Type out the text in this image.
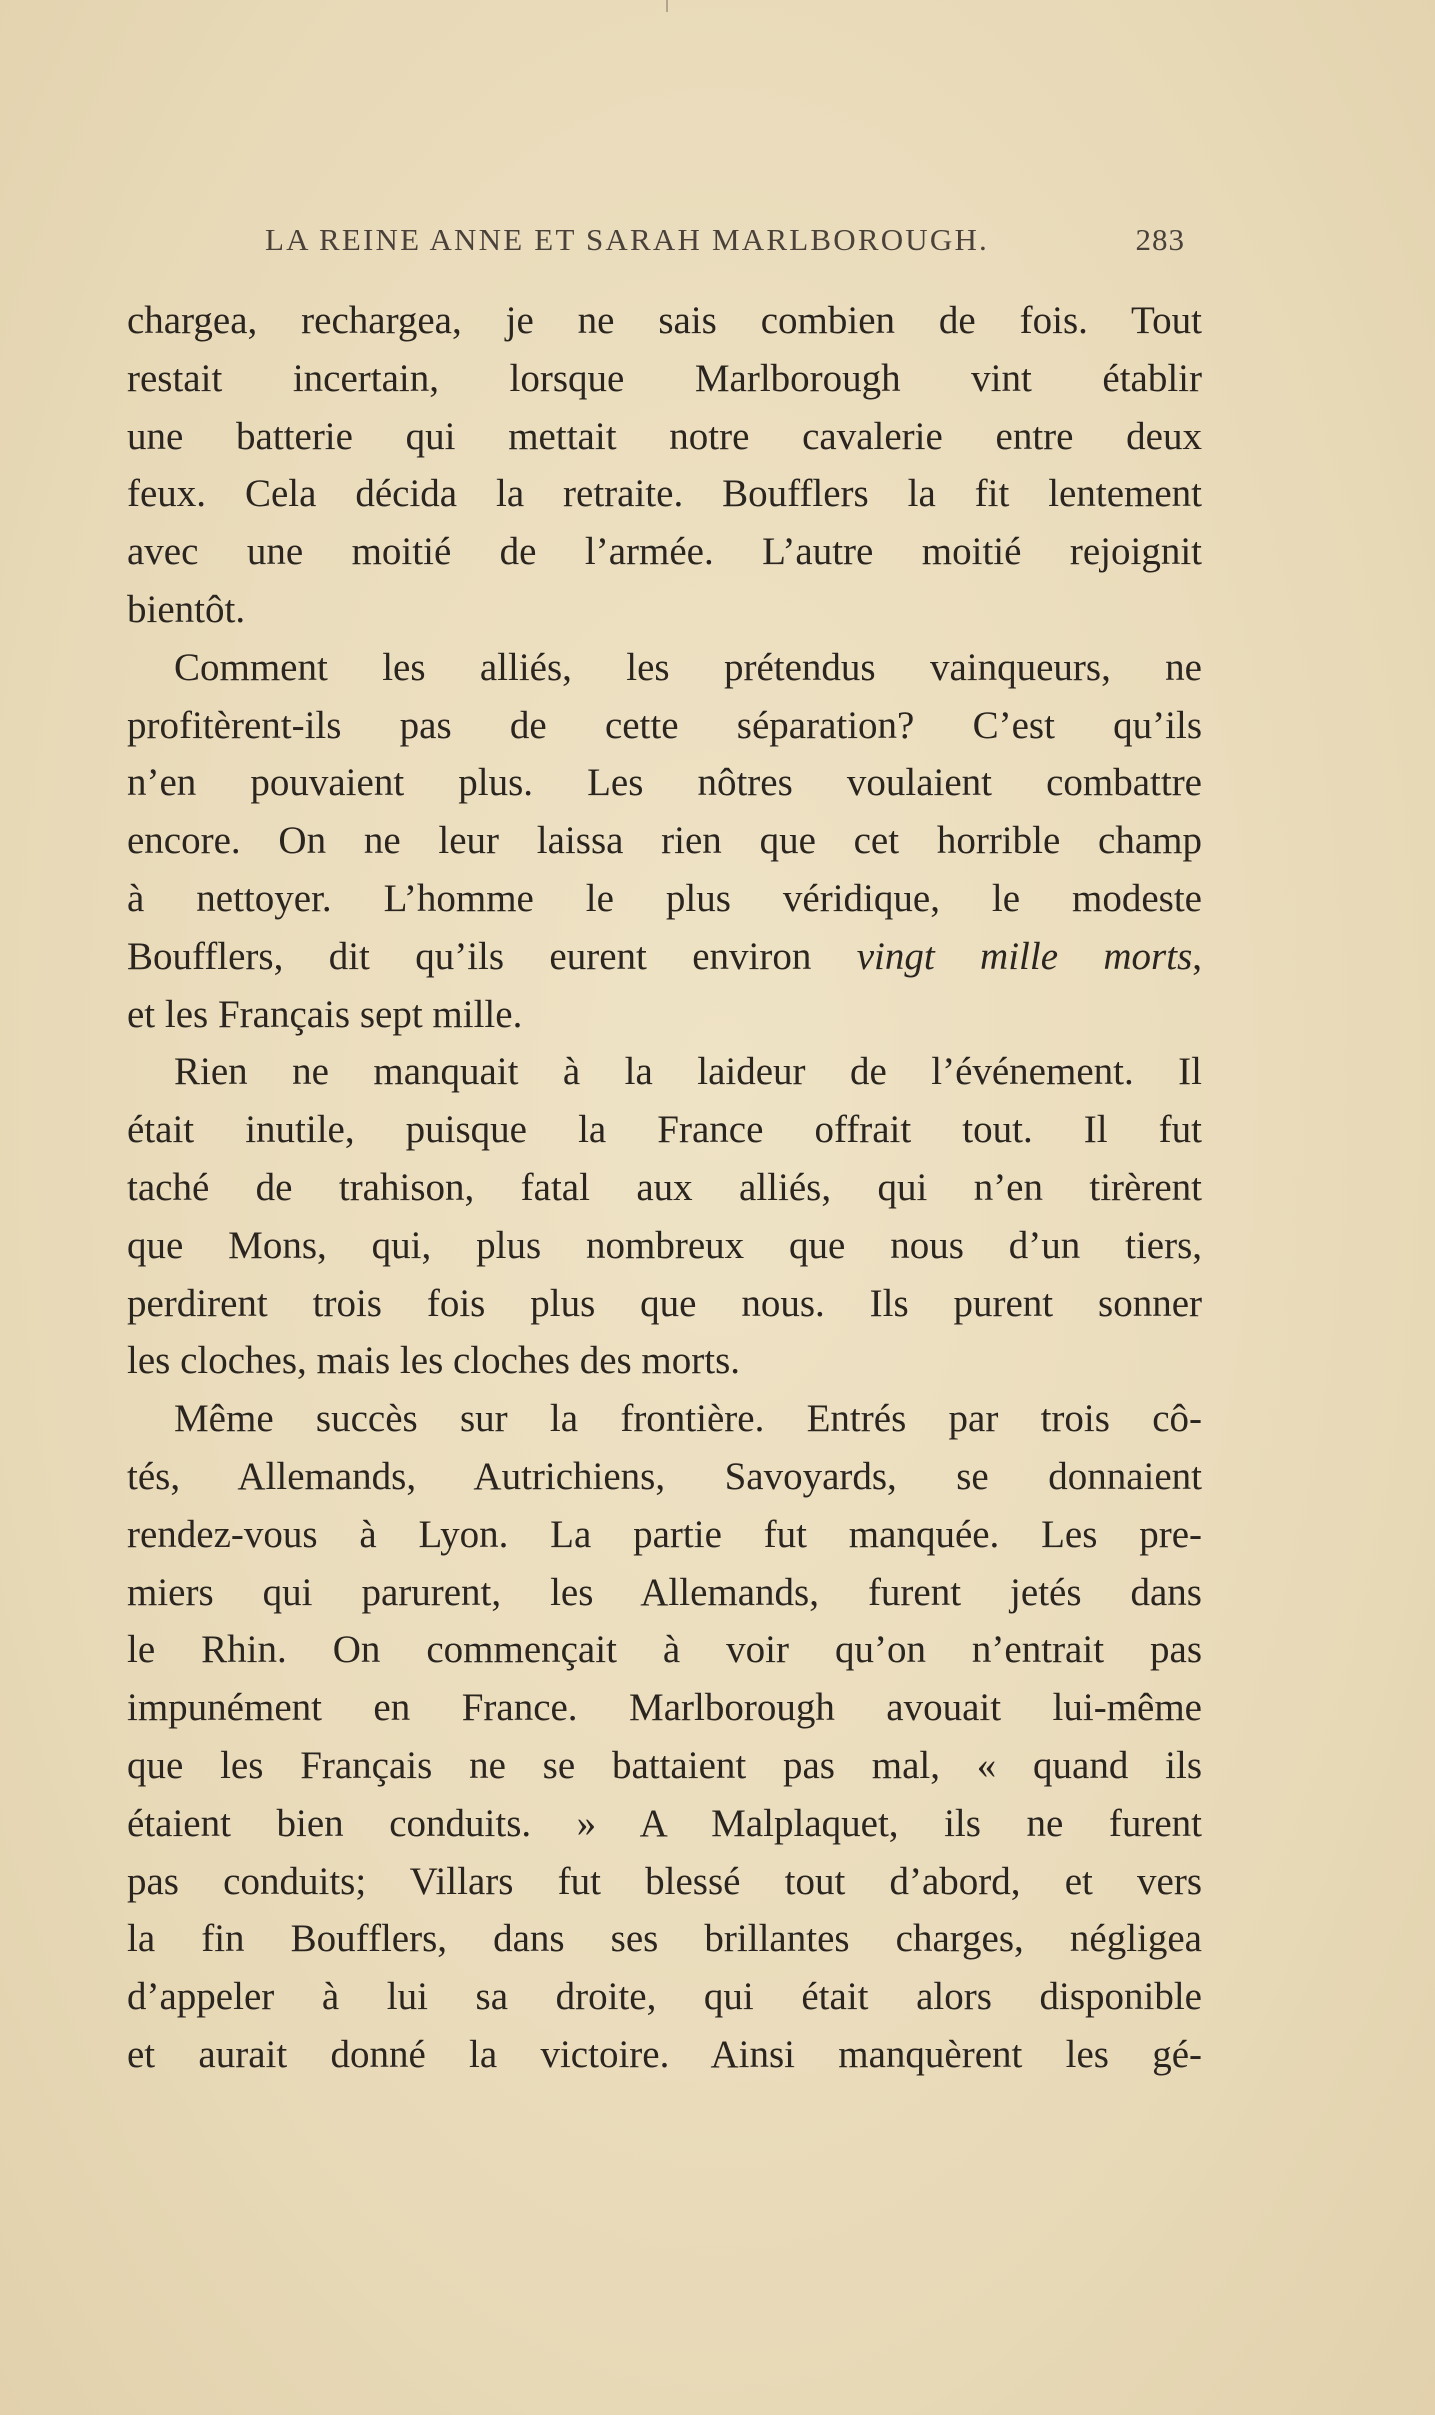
LA REINE ANNE ET SARAH MARLBOROUGH.	283
chargea, rechargea, je ne sais combien de fois. Tout
restait incertain, lorsque Marlborough vint établir
une batterie qui mettait notre cavalerie entre deux
feux. Cela décida la retraite. Boufflers la fit lentement
avec une moitié de l’armée. L’autre moitié rejoignit
bientôt.
Comment les alliés, les prétendus vainqueurs, ne
profitèrent-ils pas de cette séparation? C’est qu’ils
n’en pouvaient plus. Les nôtres voulaient combattre
encore. On ne leur laissa rien que cet horrible champ
à nettoyer. L’homme le plus véridique, le modeste
Boufflers, dit qu’ils eurent environ vingt mille morts,
et les Français sept mille.
Rien ne manquait à la laideur de l’événement. Il
était inutile, puisque la France offrait tout. Il fut
taché de trahison, fatal aux alliés, qui n’en tirèrent
que Mons, qui, plus nombreux que nous d’un tiers,
perdirent trois fois plus que nous. Ils purent sonner
les cloches, mais les cloches des morts.
Même succès sur la frontière. Entrés par trois cô-
tés, Allemands, Autrichiens, Savoyards, se donnaient
rendez-vous à Lyon. La partie fut manquée. Les pre-
miers qui parurent, les Allemands, furent jetés dans
le Rhin. On commençait à voir qu’on n’entrait pas
impunément en France. Marlborough avouait lui-même
que les Français ne se battaient pas mal, « quand ils
étaient bien conduits. » A Malplaquet, ils ne furent
pas conduits; Villars fut blessé tout d’abord, et vers
la fin Boufflers, dans ses brillantes charges, négligea
d’appeler à lui sa droite, qui était alors disponible
et aurait donné la victoire. Ainsi manquèrent les gé-
